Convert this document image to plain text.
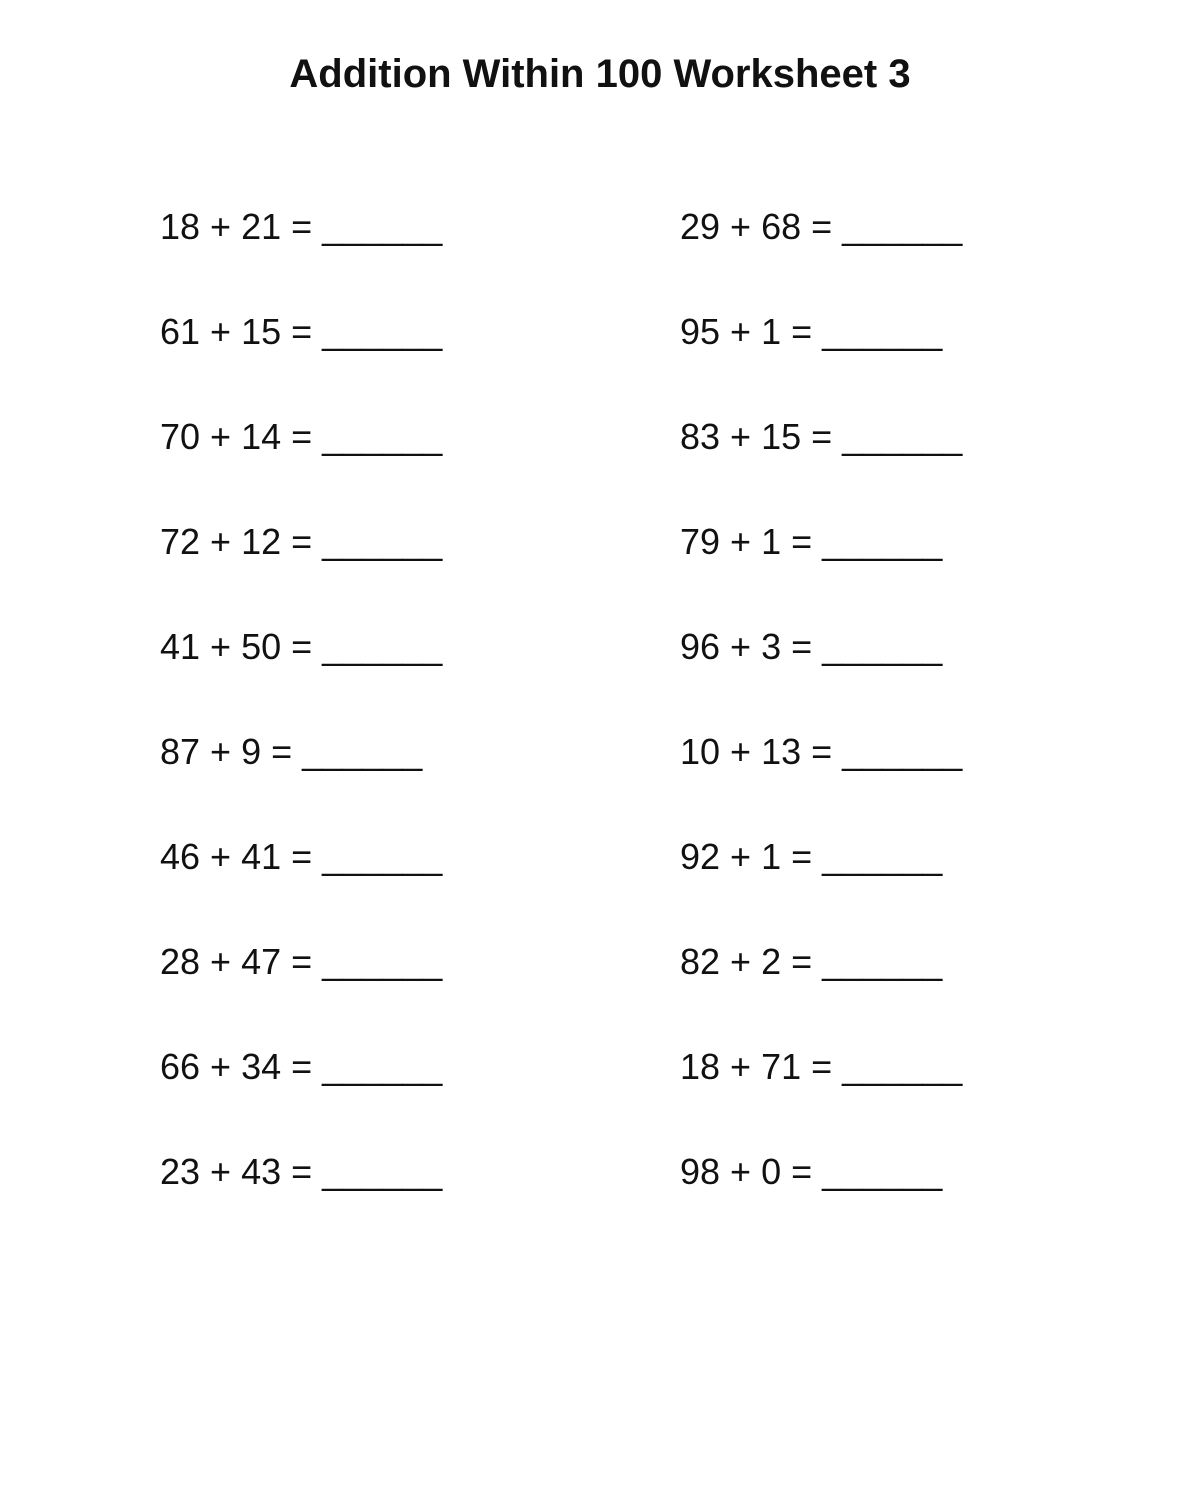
Addition Within 100 Worksheet 3
18 + 21 = ______	29 + 68 = ______
61 + 15 = ______	95 + 1 = ______
70 + 14 = ______	83 + 15 = ______
72 + 12 = ______	79 + 1 = ______
41 + 50 = ______	96 + 3 = ______
87 + 9 = ______	10 + 13 = ______
46 + 41 = ______	92 + 1 = ______
28 + 47 = ______	82 + 2 = ______
66 + 34 = ______	18 + 71 = ______
23 + 43 = ______	98 + 0 = ______
